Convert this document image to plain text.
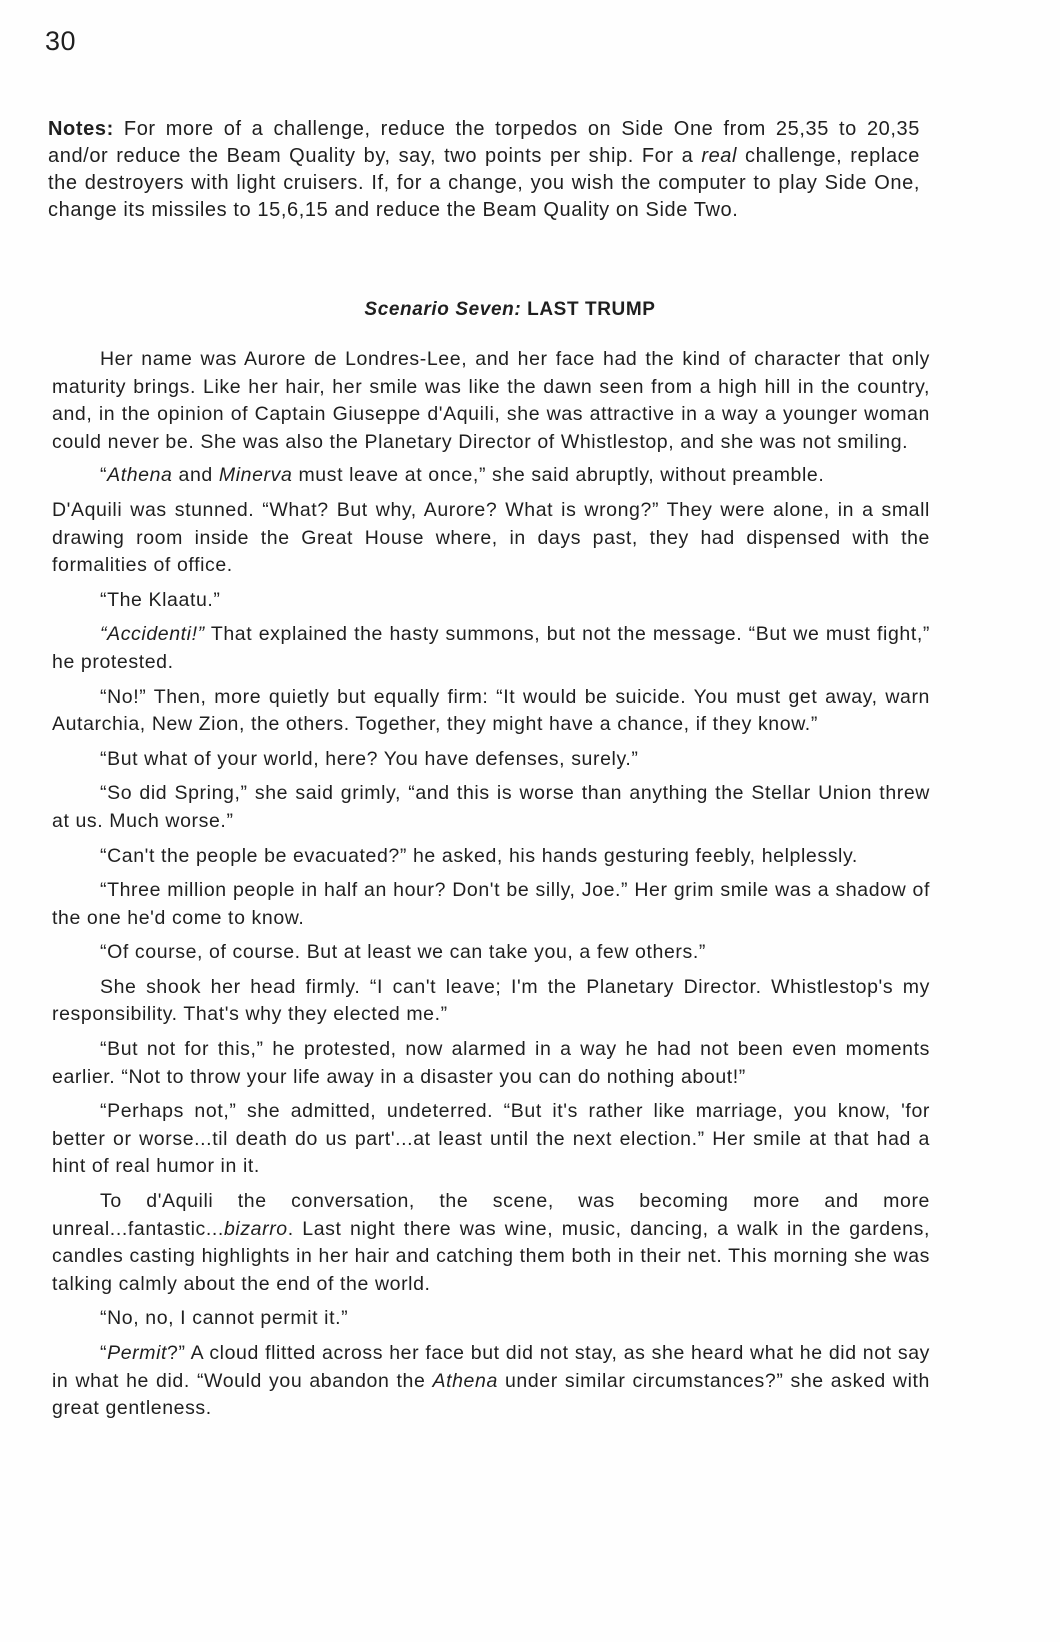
30

Notes: For more of a challenge, reduce the torpedos on Side One from 25,35 to 20,35 and/or reduce the Beam Quality by, say, two points per ship. For a real challenge, replace the destroyers with light cruisers. If, for a change, you wish the computer to play Side One, change its missiles to 15,6,15 and reduce the Beam Quality on Side Two.

Scenario Seven: LAST TRUMP

Her name was Aurore de Londres-Lee, and her face had the kind of character that only maturity brings. Like her hair, her smile was like the dawn seen from a high hill in the country, and, in the opinion of Captain Giuseppe d'Aquili, she was attractive in a way a younger woman could never be. She was also the Planetary Director of Whistlestop, and she was not smiling.

“Athena and Minerva must leave at once,” she said abruptly, without preamble.

D'Aquili was stunned. “What? But why, Aurore? What is wrong?” They were alone, in a small drawing room inside the Great House where, in days past, they had dispensed with the formalities of office.

“The Klaatu.”

“Accidenti!” That explained the hasty summons, but not the message. “But we must fight,” he protested.

“No!” Then, more quietly but equally firm: “It would be suicide. You must get away, warn Autarchia, New Zion, the others. Together, they might have a chance, if they know.”

“But what of your world, here? You have defenses, surely.”

“So did Spring,” she said grimly, “and this is worse than anything the Stellar Union threw at us. Much worse.”

“Can't the people be evacuated?” he asked, his hands gesturing feebly, helplessly.

“Three million people in half an hour? Don't be silly, Joe.” Her grim smile was a shadow of the one he'd come to know.

“Of course, of course. But at least we can take you, a few others.”

She shook her head firmly. “I can't leave; I'm the Planetary Director. Whistlestop's my responsibility. That's why they elected me.”

“But not for this,” he protested, now alarmed in a way he had not been even moments earlier. “Not to throw your life away in a disaster you can do nothing about!”

“Perhaps not,” she admitted, undeterred. “But it's rather like marriage, you know, 'for better or worse...til death do us part'...at least until the next election.” Her smile at that had a hint of real humor in it.

To d'Aquili the conversation, the scene, was becoming more and more unreal...fantastic...bizarro. Last night there was wine, music, dancing, a walk in the gardens, candles casting highlights in her hair and catching them both in their net. This morning she was talking calmly about the end of the world.

“No, no, I cannot permit it.”

“Permit?” A cloud flitted across her face but did not stay, as she heard what he did not say in what he did. “Would you abandon the Athena under similar circumstances?” she asked with great gentleness.
